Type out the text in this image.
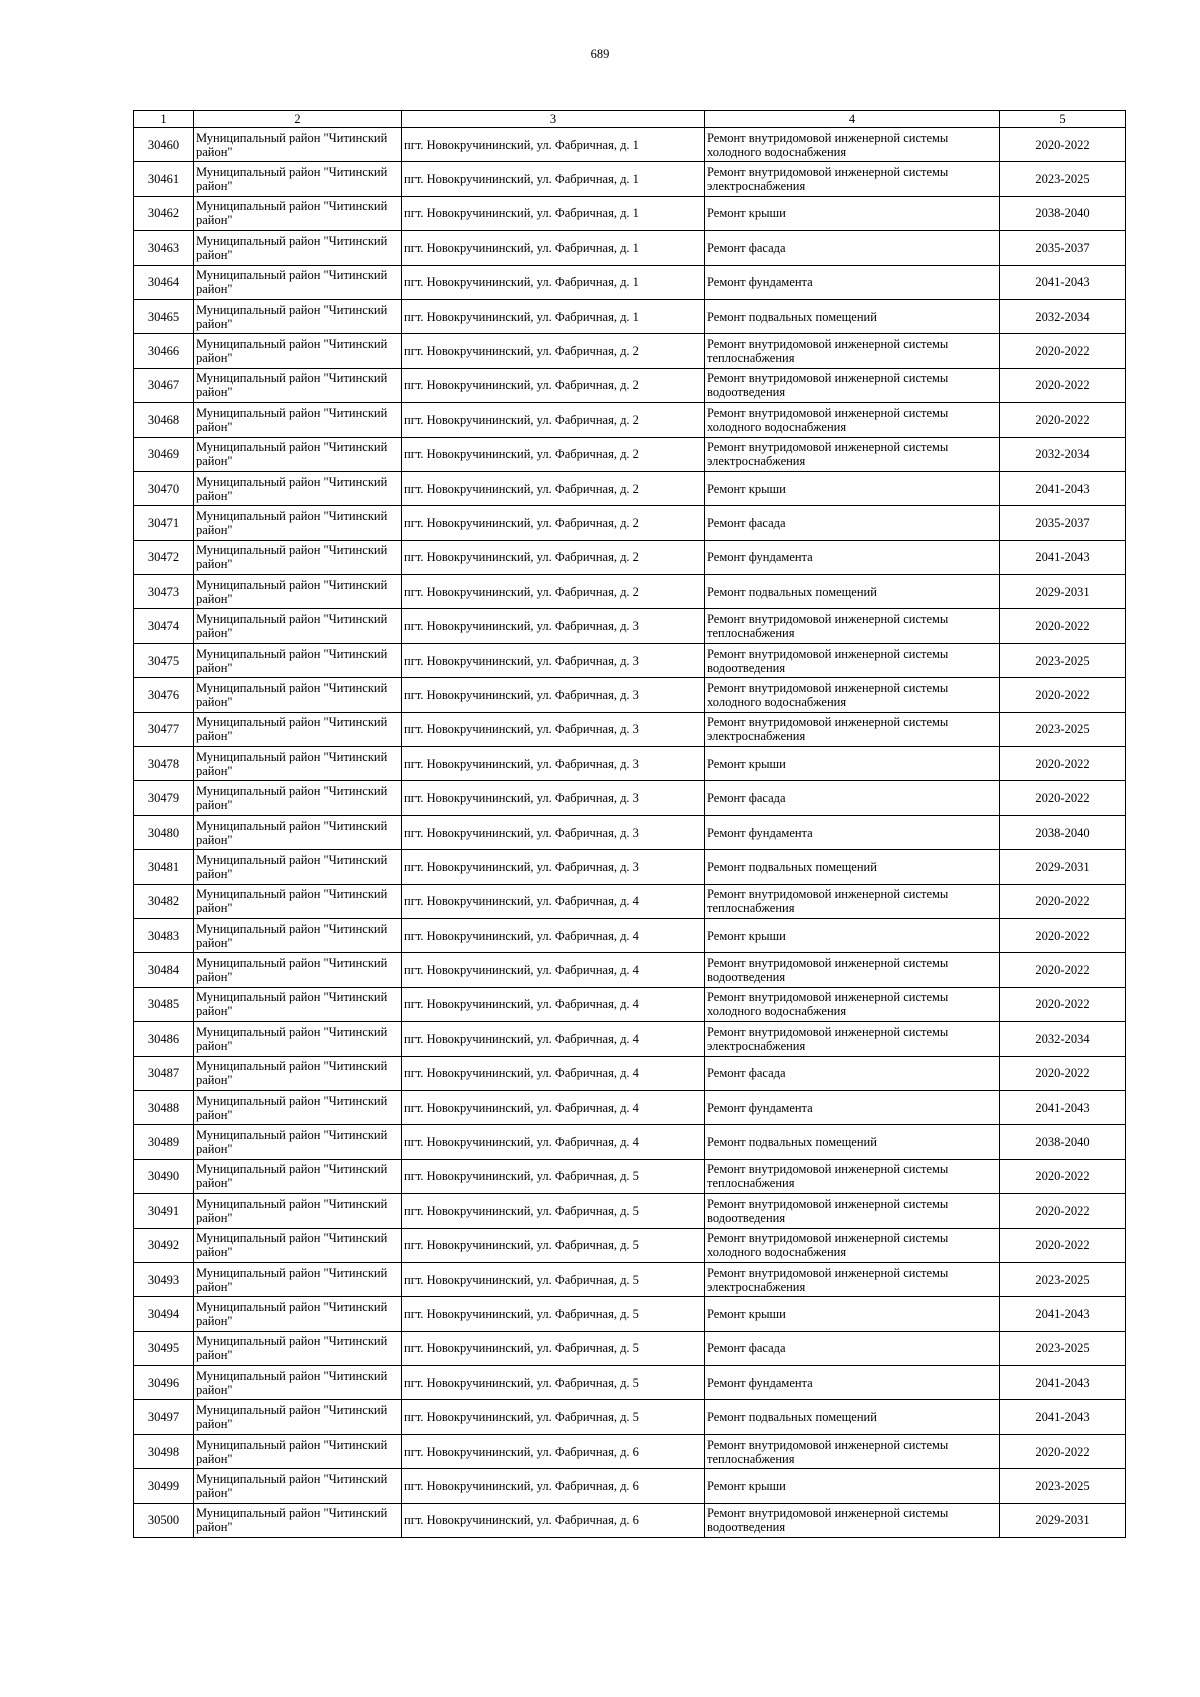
689
1	2	3	4	5
30460	Муниципальный район "Читинский район"	пгт. Новокручининский, ул. Фабричная, д. 1	Ремонт внутридомовой инженерной системы холодного водоснабжения	2020-2022
30461	Муниципальный район "Читинский район"	пгт. Новокручининский, ул. Фабричная, д. 1	Ремонт внутридомовой инженерной системы электроснабжения	2023-2025
30462	Муниципальный район "Читинский район"	пгт. Новокручининский, ул. Фабричная, д. 1	Ремонт крыши	2038-2040
30463	Муниципальный район "Читинский район"	пгт. Новокручининский, ул. Фабричная, д. 1	Ремонт фасада	2035-2037
30464	Муниципальный район "Читинский район"	пгт. Новокручининский, ул. Фабричная, д. 1	Ремонт фундамента	2041-2043
30465	Муниципальный район "Читинский район"	пгт. Новокручининский, ул. Фабричная, д. 1	Ремонт подвальных помещений	2032-2034
30466	Муниципальный район "Читинский район"	пгт. Новокручининский, ул. Фабричная, д. 2	Ремонт внутридомовой инженерной системы теплоснабжения	2020-2022
30467	Муниципальный район "Читинский район"	пгт. Новокручининский, ул. Фабричная, д. 2	Ремонт внутридомовой инженерной системы водоотведения	2020-2022
30468	Муниципальный район "Читинский район"	пгт. Новокручининский, ул. Фабричная, д. 2	Ремонт внутридомовой инженерной системы холодного водоснабжения	2020-2022
30469	Муниципальный район "Читинский район"	пгт. Новокручининский, ул. Фабричная, д. 2	Ремонт внутридомовой инженерной системы электроснабжения	2032-2034
30470	Муниципальный район "Читинский район"	пгт. Новокручининский, ул. Фабричная, д. 2	Ремонт крыши	2041-2043
30471	Муниципальный район "Читинский район"	пгт. Новокручининский, ул. Фабричная, д. 2	Ремонт фасада	2035-2037
30472	Муниципальный район "Читинский район"	пгт. Новокручининский, ул. Фабричная, д. 2	Ремонт фундамента	2041-2043
30473	Муниципальный район "Читинский район"	пгт. Новокручининский, ул. Фабричная, д. 2	Ремонт подвальных помещений	2029-2031
30474	Муниципальный район "Читинский район"	пгт. Новокручининский, ул. Фабричная, д. 3	Ремонт внутридомовой инженерной системы теплоснабжения	2020-2022
30475	Муниципальный район "Читинский район"	пгт. Новокручининский, ул. Фабричная, д. 3	Ремонт внутридомовой инженерной системы водоотведения	2023-2025
30476	Муниципальный район "Читинский район"	пгт. Новокручининский, ул. Фабричная, д. 3	Ремонт внутридомовой инженерной системы холодного водоснабжения	2020-2022
30477	Муниципальный район "Читинский район"	пгт. Новокручининский, ул. Фабричная, д. 3	Ремонт внутридомовой инженерной системы электроснабжения	2023-2025
30478	Муниципальный район "Читинский район"	пгт. Новокручининский, ул. Фабричная, д. 3	Ремонт крыши	2020-2022
30479	Муниципальный район "Читинский район"	пгт. Новокручининский, ул. Фабричная, д. 3	Ремонт фасада	2020-2022
30480	Муниципальный район "Читинский район"	пгт. Новокручининский, ул. Фабричная, д. 3	Ремонт фундамента	2038-2040
30481	Муниципальный район "Читинский район"	пгт. Новокручининский, ул. Фабричная, д. 3	Ремонт подвальных помещений	2029-2031
30482	Муниципальный район "Читинский район"	пгт. Новокручининский, ул. Фабричная, д. 4	Ремонт внутридомовой инженерной системы теплоснабжения	2020-2022
30483	Муниципальный район "Читинский район"	пгт. Новокручининский, ул. Фабричная, д. 4	Ремонт крыши	2020-2022
30484	Муниципальный район "Читинский район"	пгт. Новокручининский, ул. Фабричная, д. 4	Ремонт внутридомовой инженерной системы водоотведения	2020-2022
30485	Муниципальный район "Читинский район"	пгт. Новокручининский, ул. Фабричная, д. 4	Ремонт внутридомовой инженерной системы холодного водоснабжения	2020-2022
30486	Муниципальный район "Читинский район"	пгт. Новокручининский, ул. Фабричная, д. 4	Ремонт внутридомовой инженерной системы электроснабжения	2032-2034
30487	Муниципальный район "Читинский район"	пгт. Новокручининский, ул. Фабричная, д. 4	Ремонт фасада	2020-2022
30488	Муниципальный район "Читинский район"	пгт. Новокручининский, ул. Фабричная, д. 4	Ремонт фундамента	2041-2043
30489	Муниципальный район "Читинский район"	пгт. Новокручининский, ул. Фабричная, д. 4	Ремонт подвальных помещений	2038-2040
30490	Муниципальный район "Читинский район"	пгт. Новокручининский, ул. Фабричная, д. 5	Ремонт внутридомовой инженерной системы теплоснабжения	2020-2022
30491	Муниципальный район "Читинский район"	пгт. Новокручининский, ул. Фабричная, д. 5	Ремонт внутридомовой инженерной системы водоотведения	2020-2022
30492	Муниципальный район "Читинский район"	пгт. Новокручининский, ул. Фабричная, д. 5	Ремонт внутридомовой инженерной системы холодного водоснабжения	2020-2022
30493	Муниципальный район "Читинский район"	пгт. Новокручининский, ул. Фабричная, д. 5	Ремонт внутридомовой инженерной системы электроснабжения	2023-2025
30494	Муниципальный район "Читинский район"	пгт. Новокручининский, ул. Фабричная, д. 5	Ремонт крыши	2041-2043
30495	Муниципальный район "Читинский район"	пгт. Новокручининский, ул. Фабричная, д. 5	Ремонт фасада	2023-2025
30496	Муниципальный район "Читинский район"	пгт. Новокручининский, ул. Фабричная, д. 5	Ремонт фундамента	2041-2043
30497	Муниципальный район "Читинский район"	пгт. Новокручининский, ул. Фабричная, д. 5	Ремонт подвальных помещений	2041-2043
30498	Муниципальный район "Читинский район"	пгт. Новокручининский, ул. Фабричная, д. 6	Ремонт внутридомовой инженерной системы теплоснабжения	2020-2022
30499	Муниципальный район "Читинский район"	пгт. Новокручининский, ул. Фабричная, д. 6	Ремонт крыши	2023-2025
30500	Муниципальный район "Читинский район"	пгт. Новокручининский, ул. Фабричная, д. 6	Ремонт внутридомовой инженерной системы водоотведения	2029-2031
